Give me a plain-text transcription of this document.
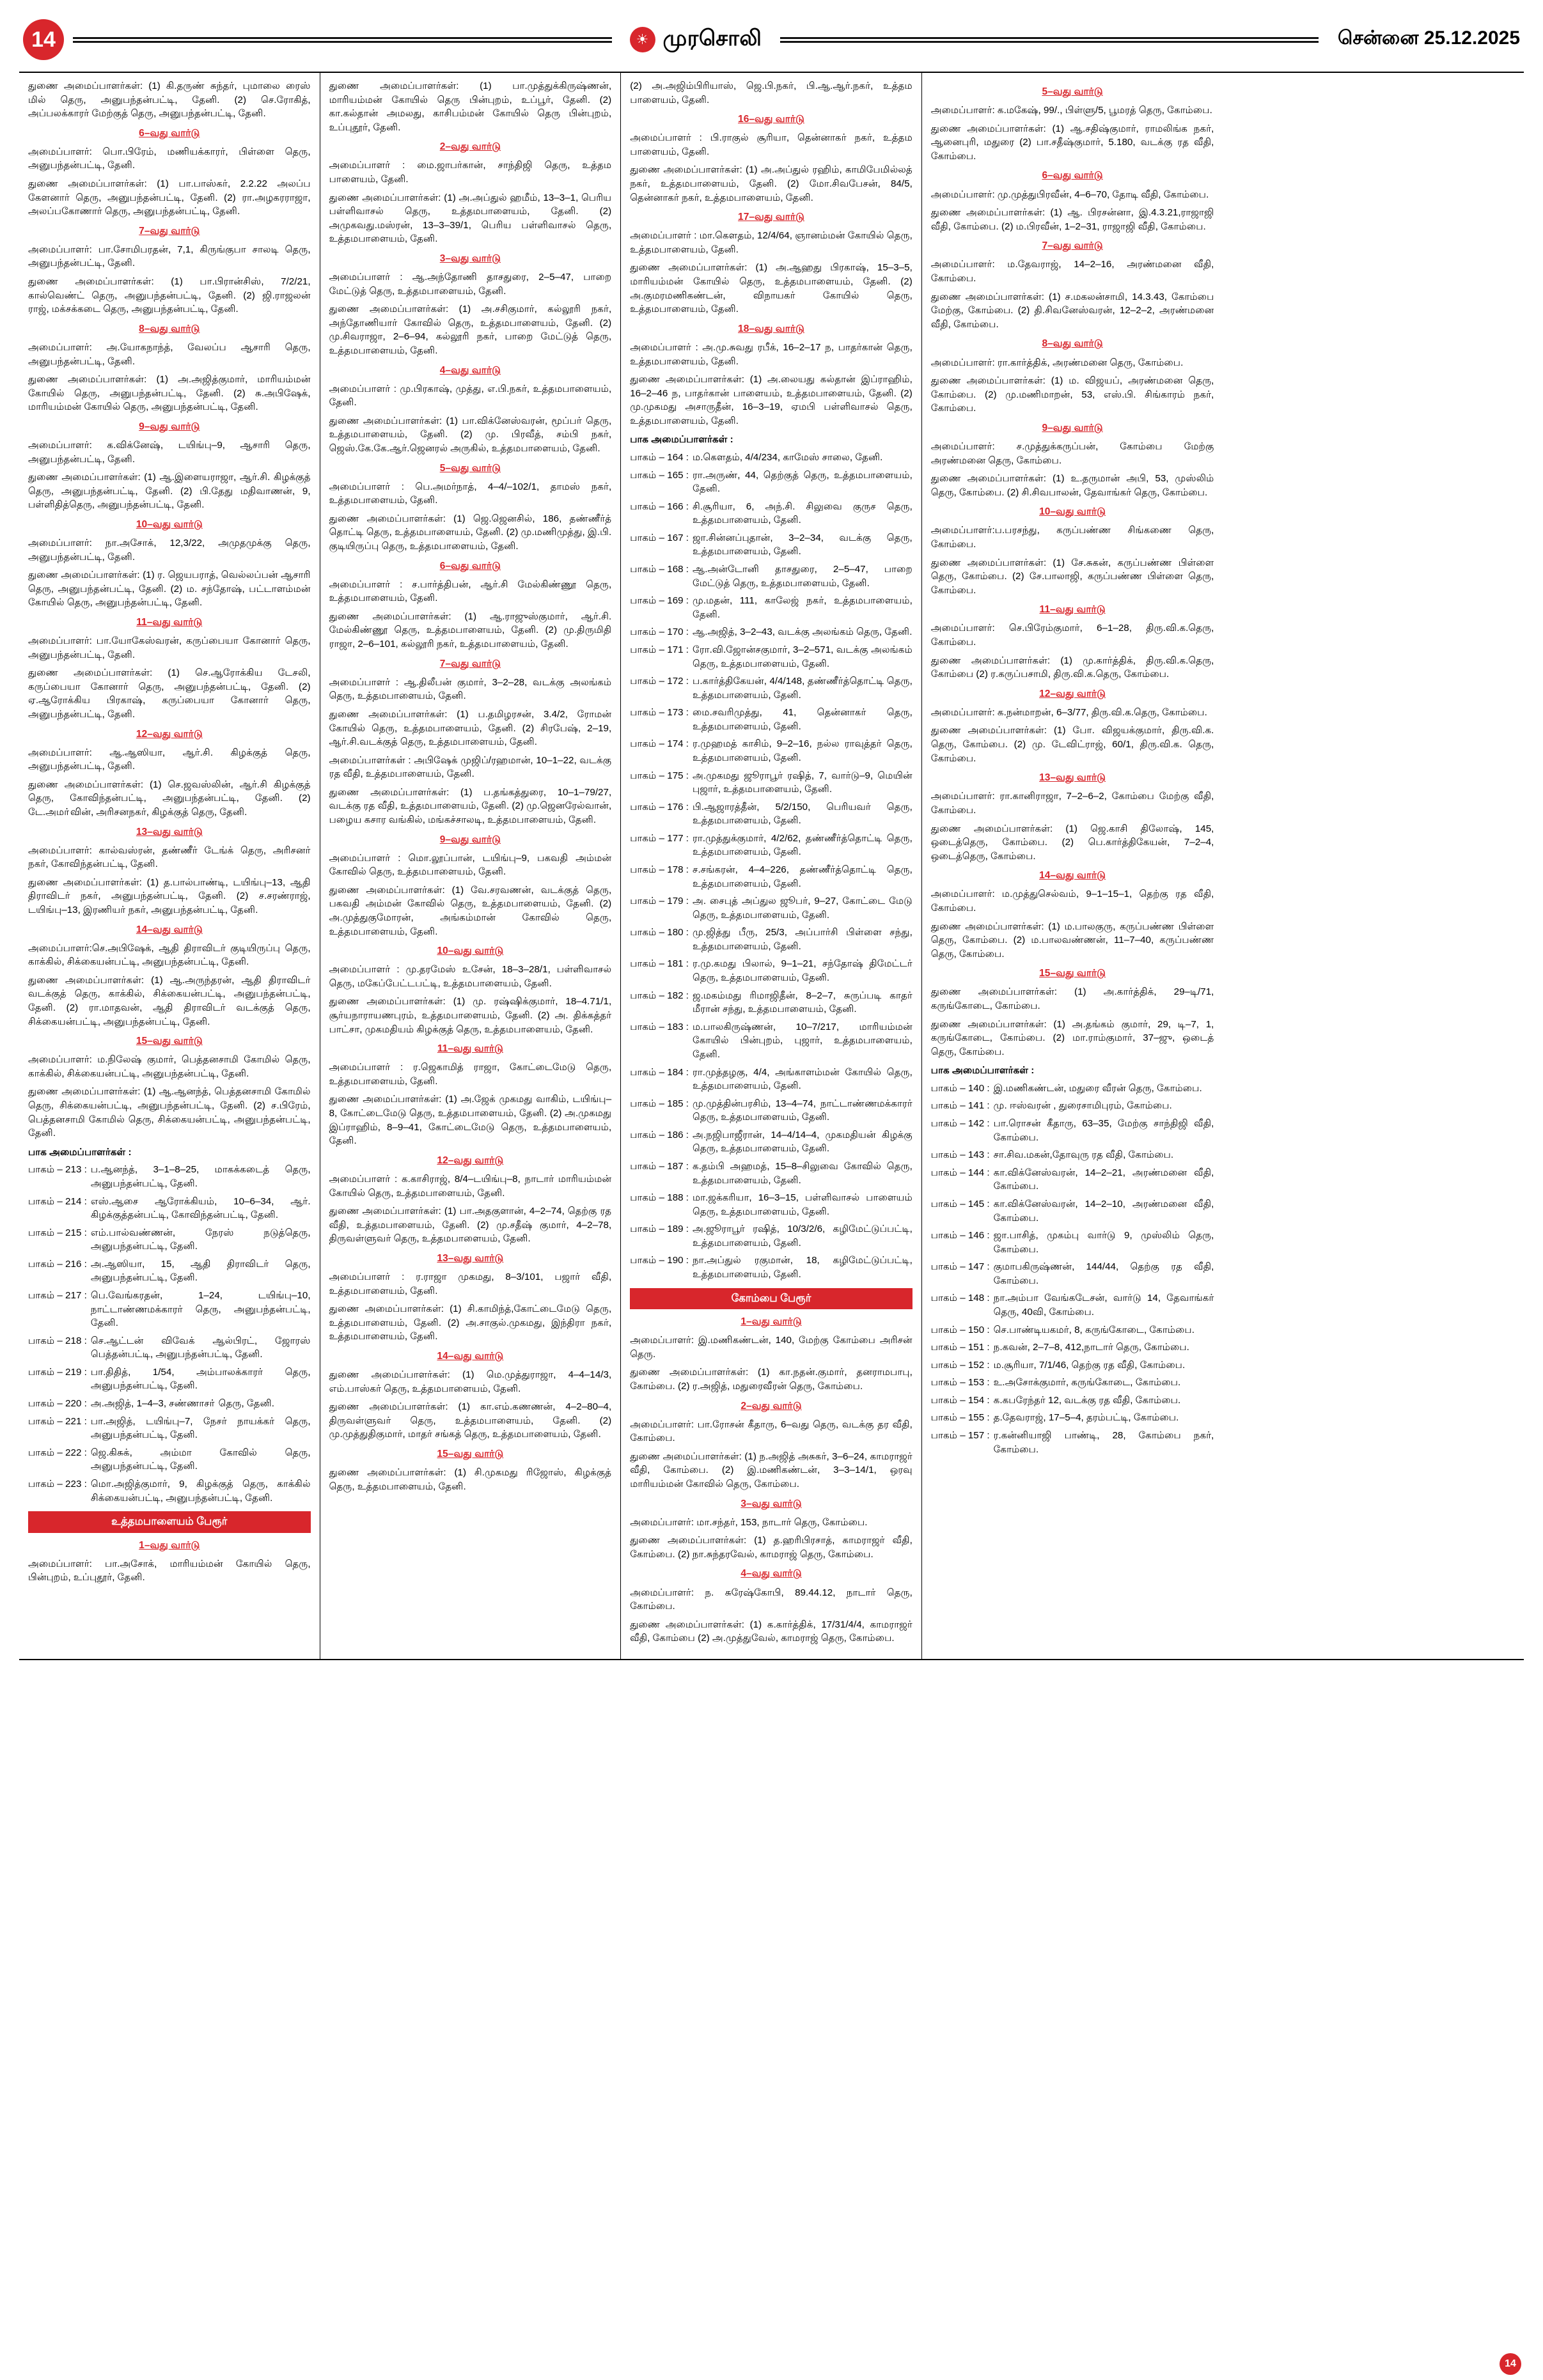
14	☀ முரசொலி	சென்னை 25.12.2025

துணை அமைப்பாளர்கள்: (1) கி.தருண் சுந்தர், புமாலை ரைஸ் மில் தெரு, அனுபந்தன்பட்டி, தேனி. (2) செ.ரோகித், அப்பலக்காரர் மேற்குத் தெரு, அனுபந்தன்பட்டி, தேனி.

6–வது வார்டு

அமைப்பாளர்: பொ.பிரேம், மணியக்காரர், பிள்ளை தெரு, அனுபந்தன்பட்டி, தேனி.

துணை அமைப்பாளர்கள்: (1) பா.பாஸ்கர், 2.2.22 அலப்ப கேளனார் தெரு, அனுபந்தன்பட்டி, தேனி. (2) ரா.அழகரராஜா, அலப்பகோணார் தெரு, அனுபந்தன்பட்டி, தேனி.

7–வது வார்டு

அமைப்பாளர்: பா.சோமிபரதன், 7,1, கிருங்குபா சாலடி தெரு, அனுபந்தன்பட்டி, தேனி.

துணை அமைப்பாளர்கள்: (1) பா.பிரான்சிஸ், 7/2/21, கால்வெண்ட் தெரு, அனுபந்தன்பட்டி, தேனி. (2) ஜி.ராஜலன் ராஜ், மக்சக்கடை தெரு, அனுபந்தன்பட்டி, தேனி.

8–வது வார்டு

அமைப்பாளர்: அ.யோகநாந்த், வேலப்ப ஆசாரி தெரு, அனுபந்தன்பட்டி, தேனி.

துணை அமைப்பாளர்கள்: (1) அ.அஜித்குமார், மாரியம்மன் கோயில் தெரு, அனுபந்தன்பட்டி, தேனி. (2) சு.அபிஷேக், மாரியம்மன் கோயில் தெரு, அனுபந்தன்பட்டி, தேனி.

9–வது வார்டு

அமைப்பாளர்: க.விக்னேஷ், டயிங்பு–9, ஆசாரி தெரு, அனுபந்தன்பட்டி, தேனி.

துணை அமைப்பாளர்கள்: (1) ஆ.இளையராஜா, ஆர்.சி. கிழக்குத் தெரு, அனுபந்தன்பட்டி, தேனி. (2) பி.தேது மதிவாணன், 9, பள்ளிதித்தெரு, அனுபந்தன்பட்டி, தேனி.

10–வது வார்டு

அமைப்பாளர்: நா.அசோக், 12,3/22, அமுதமுக்கு தெரு, அனுபந்தன்பட்டி, தேனி.

துணை அமைப்பாளர்கள்: (1) ர. ஜெயபராத், வெல்லப்பன் ஆசாரி தெரு, அனுபந்தன்பட்டி, தேனி. (2) ம. சந்தோஷ், பட்டாளம்மன் கோயில் தெரு, அனுபந்தன்பட்டி, தேனி.

11–வது வார்டு

அமைப்பாளர்: பா.யோகேஸ்வரன், கருப்பையா கோனார் தெரு, அனுபந்தன்பட்டி, தேனி.

துணை அமைப்பாளர்கள்: (1) செ.ஆரோக்கிய டேசலி, கருப்பையா கோனார் தெரு, அனுபந்தன்பட்டி, தேனி. (2) ஏ.ஆரோக்கிய பிரகாஷ், கருப்பையா கோனார் தெரு, அனுபந்தன்பட்டி, தேனி.

12–வது வார்டு

அமைப்பாளர்: ஆ.ஆஸியா, ஆர்.சி. கிழக்குத் தெரு, அனுபந்தன்பட்டி, தேனி.

துணை அமைப்பாளர்கள்: (1) செ.ஜவஸ்லின், ஆர்.சி கிழக்குத் தெரு, கோவிந்தன்பட்டி, அனுபந்தன்பட்டி, தேனி. (2) டே.அமா்வின், அரிசனநகர், கிழக்குத் தெரு, தேனி.

13–வது வார்டு

அமைப்பாளர்: கால்வஸ்ரன், தண்ணீர் டேங்க் தெரு, அரிசனர் நகர், கோவிந்தன்பட்டி, தேனி.

துணை அமைப்பாளர்கள்: (1) த.பால்பாண்டி, டயிங்பு–13, ஆதி திராவிடர் நகர், அனுபந்தன்பட்டி, தேனி. (2) ச.சரண்ராஜ், டயிங்பு–13, இரணியர் நகர், அனுபந்தன்பட்டி, தேனி.

14–வது வார்டு

அமைப்பாளர்:செ.அபிஷேக், ஆதி திராவிடர் குடியிருப்பு தெரு, காக்கில், சிக்கையன்பட்டி, அனுபந்தன்பட்டி, தேனி.

துணை அமைப்பாளர்கள்: (1) ஆ.அருந்தரன், ஆதி திராவிடர் வடக்குத் தெரு, காக்கில், சிக்கையன்பட்டி, அனுபந்தன்பட்டி, தேனி. (2) ரா.மாதவன், ஆதி திராவிடர் வடக்குத் தெரு, சிக்கையன்பட்டி, அனுபந்தன்பட்டி, தேனி.

15–வது வார்டு

அமைப்பாளர்: ம.நிலேஷ் குமார், பெத்தனசாமி கோமில் தெரு, காக்கில், சிக்கையன்பட்டி, அனுபந்தன்பட்டி, தேனி.

துணை அமைப்பாளர்கள்: (1) ஆ.ஆனந்த், பெத்தனசாமி கோமில் தெரு, சிக்கையன்பட்டி, அனுபந்தன்பட்டி, தேனி. (2) ச.பிரேம், பெத்தனசாமி கோமில் தெரு, சிக்கையன்பட்டி, அனுபந்தன்பட்டி, தேனி.

பாக அமைப்பாளர்கள் :
பாகம் – 213 : ப.ஆனந்த், 3–1–8–25, மாகக்கடைத் தெரு, அனுபந்தன்பட்டி, தேனி.
பாகம் – 214 : எஸ்.ஆசை ஆரோக்கியம், 10–6–34, ஆர். கிழக்குத்தன்பட்டி, கோவிந்தன்பட்டி, தேனி.
பாகம் – 215 : எம்.பால்வண்ணன், நேரஸ் நடுத்தெரு, அனுபந்தன்பட்டி, தேனி.
பாகம் – 216 : அ.ஆஸியா, 15, ஆதி திராவிடர் தெரு, அனுபந்தன்பட்டி, தேனி.
பாகம் – 217 : பெ.வேங்கரதன், 1–24, டயிங்பு–10, நாட்டாண்ணமக்காரர் தெரு, அனுபந்தன்பட்டி, தேனி.
பாகம் – 218 : செ.ஆட்டன் விவேக் ஆல்பிரட், ஜோரஸ் பெத்தன்பட்டி, அனுபந்தன்பட்டி, தேனி.
பாகம் – 219 : பா.திதித், 1/54, அம்பாலக்காரர் தெரு, அனுபந்தன்பட்டி, தேனி.
பாகம் – 220 : அ.அஜித், 1–4–3, சண்ணாசா் தெரு, தேனி.
பாகம் – 221 : பா.அஜித், டயிங்பு–7, நேசர் நாயக்கர் தெரு, அனுபந்தன்பட்டி, தேனி.
பாகம் – 222 : ஜெ.கிசுக், அம்மா கோவில் தெரு, அனுபந்தன்பட்டி, தேனி.
பாகம் – 223 : மொ.அஜித்குமார், 9, கிழக்குத் தெரு, காக்கில் சிக்கையன்பட்டி, அனுபந்தன்பட்டி, தேனி.
உத்தமபாளையம் பேரூர்
1–வது வார்டு

அமைப்பாளர்: பா.அசோக், மாரியம்மன் கோயில் தெரு, பின்புறம், உப்புதூர், தேனி.

துணை அமைப்பாளர்கள்: (1) பா.முத்துக்கிருஷ்ணன், மாரியம்மன் கோயில் தெரு பின்புறம், உப்பூர், தேனி. (2) கா.கல்தான் அமலது, காசிபம்மன் கோயில் தெரு பின்புறம், உப்புதூர், தேனி.

2–வது வார்டு

அமைப்பாளர் : மை.ஜாபர்கான், சாந்திஜி தெரு, உத்தம பாளையம், தேனி.

துணை அமைப்பாளர்கள்: (1) அ.அப்துல் ஹமீம், 13–3–1, பெரிய பள்ளிவாசல் தெரு, உத்தமபாளையம், தேனி. (2) அமுகவது.மஸ்ரன், 13–3–39/1, பெரிய பள்ளிவாசல் தெரு, உத்தமபாளையம், தேனி.

3–வது வார்டு

அமைப்பாளர் : ஆ.அந்தோணி தாசதுரை, 2–5–47, பாறை மேட்டுத் தெரு, உத்தமபாளையம், தேனி.

துணை அமைப்பாளர்கள்: (1) அ.சசிகுமார், கல்லூரி நகர், அந்தோணியார் கோவில் தெரு, உத்தமபாளையம், தேனி. (2) மு.சிவராஜா, 2–6–94, கல்லூரி நகர், பாறை மேட்டுத் தெரு, உத்தமபாளையம், தேனி.

4–வது வார்டு

அமைப்பாளர் : மு.பிரகாஷ், முத்து, எ.பி.நகர், உத்தமபாளையம், தேனி.

துணை அமைப்பாளர்கள்: (1) பா.விக்னேஸ்வரன், மூப்பர் தெரு, உத்தமபாளையம், தேனி. (2) மு. பிரவீத், சம்பி நகர், ஜெஸ்.கே.கே.ஆர்.ஜெனரல் அருகில், உத்தமபாளையம், தேனி.

5–வது வார்டு

அமைப்பாளர் : பெ.அமர்நாத், 4–4/–102/1, தாமஸ் நகர், உத்தமபாளையம், தேனி.

துணை அமைப்பாளர்கள்: (1) ஜெ.ஜெனசில், 186, தண்ணீர்த் தொட்டி தெரு, உத்தமபாளையம், தேனி. (2) மு.மணிமுத்து, இ.பி. குடியிருப்பு தெரு, உத்தமபாளையம், தேனி.

6–வது வார்டு

அமைப்பாளர் : ச.பார்த்திபன், ஆர்.சி மேல்கிண்ணூ தெரு, உத்தமபாளையம், தேனி.

துணை அமைப்பாளர்கள்: (1) ஆ.ராஜுஸ்குமார், ஆர்.சி. மேல்கிண்ணூ தெரு, உத்தமபாளையம், தேனி. (2) மு.திருமிதி ராஜா, 2–6–101, கல்லூரி நகர், உத்தமபாளையம், தேனி.

7–வது வார்டு

அமைப்பாளர் : ஆ.திலீபன் குமார், 3–2–28, வடக்கு அலங்கம் தெரு, உத்தமபாளையம், தேனி.

துணை அமைப்பாளர்கள்: (1) ப.தமிழரசன், 3.4/2, ரோமன் கோயில் தெரு, உத்தமபாளையம், தேனி. (2) சிரபேஷ், 2–19, ஆர்.சி.வடக்குத் தெரு, உத்தமபாளையம், தேனி.

அமைப்பாளர்கள் : அபிஷேக் முஜிப்/ரஹமான், 10–1–22, வடக்கு ரத வீதி, உத்தமபாளையம், தேனி.

துணை அமைப்பாளர்கள்: (1) ப.தங்கத்துரை, 10–1–79/27, வடக்கு ரத வீதி, உத்தமபாளையம், தேனி. (2) மு.ஜெனரேல்வான், பழைய கசார வங்கில், மங்கச்சாலடி, உத்தமபாளையம், தேனி.

9–வது வார்டு

அமைப்பாளர் : மொ.லூப்பான், டயிங்பு–9, பகவதி அம்மன் கோவில் தெரு, உத்தமபாளையம், தேனி.

துணை அமைப்பாளர்கள்: (1) வே.சரவணன், வடக்குத் தெரு, பகவதி அம்மன் கோவில் தெரு, உத்தமபாளையம், தேனி. (2) அ.முத்துகுமோரன், அங்கம்மான் கோவில் தெரு, உத்தமபாளையம், தேனி.

10–வது வார்டு

அமைப்பாளர் : மு.தரமேஸ் உசேன், 18–3–28/1, பள்ளிவாசல் தெரு, மகேப்பேட்டபட்டி, உத்தமபாளையம், தேனி.

துணை அமைப்பாளர்கள்: (1) மு. ரஷ்ஷிக்குமார், 18–4.71/1, சூர்யநாராயணபுரம், உத்தமபாளையம், தேனி. (2) அ. திக்கத்தர் பாட்சா, முகமதியம் கிழக்குத் தெரு, உத்தமபாளையம், தேனி.

11–வது வார்டு

அமைப்பாளர் : ர.ஜெகாமித் ராஜா, கோட்டைமேடு தெரு, உத்தமபாளையம், தேனி.

துணை அமைப்பாளர்கள்: (1) அ.ஜேக் முகமது வாகிம், டயிங்பு–8, கோட்டைமேடு தெரு, உத்தமபாளையம், தேனி. (2) அ.முகமது இப்ராஹிம், 8–9–41, கோட்டைமேடு தெரு, உத்தமபாளையம், தேனி.

12–வது வார்டு

அமைப்பாளர் : க.காசிராஜ், 8/4–டயிங்பு–8, நாடார் மாரியம்மன் கோயில் தெரு, உத்தமபாளையம், தேனி.

துணை அமைப்பாளர்கள்: (1) பா.அதகுளான், 4–2–74, தெற்கு ரத வீதி, உத்தமபாளையம், தேனி. (2) மு.சதீஷ் குமார், 4–2–78, திருவள்ளுவர் தெரு, உத்தமபாளையம், தேனி.

13–வது வார்டு

அமைப்பாளர் : ர.ராஜா முகமது, 8–3/101, பஜார் வீதி, உத்தமபாளையம், தேனி.

துணை அமைப்பாளர்கள்: (1) சி.காமிந்த்,கோட்டைமேடு தெரு, உத்தமபாளையம், தேனி. (2) அ.சாகுல்.முகமது, இந்திரா நகர், உத்தமபாளையம், தேனி.

14–வது வார்டு

துணை அமைப்பாளர்கள்: (1) மெ.முத்துராஜா, 4–4–14/3, எம்.பாஸ்கர் தெரு, உத்தமபாளையம், தேனி.

துணை அமைப்பாளர்கள்: (1) கா.எம்.கணணன், 4–2–80–4, திருவள்ளுவர் தெரு, உத்தமபாளையம், தேனி. (2) மு.முத்துதிகுமார், மாதர் சங்கத் தெரு, உத்தமபாளையம், தேனி.

15–வது வார்டு

துணை அமைப்பாளர்கள்: (1) சி.முகமது ரிஜோஸ், கிழக்குத் தெரு, உத்தமபாளையம், தேனி.

(2) அ.அஜிம்பிரியாஸ், ஜெ.பி.நகர், பி.ஆ.ஆர்.நகர், உத்தம பாளையம், தேனி.

16–வது வார்டு

அமைப்பாளர் : பி.ராகுல் சூரியா, தென்னாகர் நகர், உத்தம பாளையம், தேனி.

துணை அமைப்பாளர்கள்: (1) அ.அப்துல் ரஹிம், காமிபேமில்லத் நகர், உத்தமபாளையம், தேனி. (2) மோ.சிவபேசன், 84/5, தென்னாகர் நகர், உத்தமபாளையம், தேனி.

17–வது வார்டு

அமைப்பாளர் : மா.கௌதம், 12/4/64, ஞானம்மன் கோயில் தெரு, உத்தமபாளையம், தேனி.

துணை அமைப்பாளர்கள்: (1) அ.ஆஹது பிரகாஷ், 15–3–5, மாரியம்மன் கோயில் தெரு, உத்தமபாளையம், தேனி. (2) அ.குமரமணிகண்டன், விநாயகர் கோயில் தெரு, உத்தமபாளையம், தேனி.

18–வது வார்டு

அமைப்பாளர் : அ.மு.சுவது ரபீக், 16–2–17 ந, பாதர்கான் தெரு, உத்தமபாளையம், தேனி.

துணை அமைப்பாளர்கள்: (1) அ.லையது கல்தான் இப்ராஹிம், 16–2–46 ந, பாதர்கான் பாளையம், உத்தமபாளையம், தேனி. (2) மு.முகமது அசாருதீன், 16–3–19, ஏமபி பள்ளிவாசல் தெரு, உத்தமபாளையம், தேனி.

பாக அமைப்பாளர்கள் :
பாகம் – 164 : ம.கௌதம், 4/4/234, காமேஸ் சாலை, தேனி.
பாகம் – 165 : ரா.அருண், 44, தெற்குத் தெரு, உத்தமபாளையம், தேனி.
பாகம் – 166 : சி.சூரியா, 6, அந்.சி. சிலுவை குருச தெரு, உத்தமபாளையம், தேனி.
பாகம் – 167 : ஜா.சின்னப்புதான், 3–2–34, வடக்கு தெரு, உத்தமபாளையம், தேனி.
பாகம் – 168 : ஆ.அன்டோனி தாசதுரை, 2–5–47, பாறை மேட்டுத் தெரு, உத்தமபாளையம், தேனி.
பாகம் – 169 : மு.மதன், 111, காலேஜ் நகர், உத்தமபாளையம், தேனி.
பாகம் – 170 : ஆ.அஜித், 3–2–43, வடக்கு அலங்கம் தெரு, தேனி.
பாகம் – 171 : ரோ.வி.ஜோன்சகுமார், 3–2–571, வடக்கு அலங்கம் தெரு, உத்தமபாளையம், தேனி.
பாகம் – 172 : ப.கார்த்திகேயன், 4/4/148, தண்ணீர்த்தொட்டி தெரு, உத்தமபாளையம், தேனி.
பாகம் – 173 : மை.சவரிமுத்து, 41, தென்னாகர் தெரு, உத்தமபாளையம், தேனி.
பாகம் – 174 : ர.முஹமத் காசிம், 9–2–16, நல்ல ராவுத்தர் தெரு, உத்தமபாளையம், தேனி.
பாகம் – 175 : அ.முகமது ஜூராபூர் ரஷித், 7, வார்டு–9, மெயின் புஜார், உத்தமபாளையம், தேனி.
பாகம் – 176 : பி.ஆஜாரத்தீன், 5/2/150, பெரியவர் தெரு, உத்தமபாளையம், தேனி.
பாகம் – 177 : ரா.முத்துக்குமார், 4/2/62, தண்ணீர்த்தொட்டி தெரு, உத்தமபாளையம், தேனி.
பாகம் – 178 : ச.சங்கரன், 4–4–226, தண்ணீர்த்தொட்டி தெரு, உத்தமபாளையம், தேனி.
பாகம் – 179 : அ. சைபுத் அப்துல ஜூபர், 9–27, கோட்டை மேடு தெரு, உத்தமபாளையம், தேனி.
பாகம் – 180 : மு.ஜித்து பீரு, 25/3, அப்பார்சி பிள்ளை சந்து, உத்தமபாளையம், தேனி.
பாகம் – 181 : ர.மு.கமது பிலால், 9–1–21, சந்தோஷ் திமேட்டர் தெரு, உத்தமபாளையம், தேனி.
பாகம் – 182 : ஜ.மகம்மது ரிமாஜிதீன், 8–2–7, சுருப்படி காதர் மீரான் சந்து, உத்தமபாளையம், தேனி.
பாகம் – 183 : ம.பாலகிருஷ்ணன், 10–7/217, மாரியம்மன் கோயில் பின்புறம், புஜார், உத்தமபாளையம், தேனி.
பாகம் – 184 : ரா.முத்தழகு, 4/4, அங்காளம்மன் கோயில் தெரு, உத்தமபாளையம், தேனி.
பாகம் – 185 : மு.முத்தின்பரசிம், 13–4–74, நாட்டாண்ணமக்காரர் தெரு, உத்தமபாளையம், தேனி.
பாகம் – 186 : அ.நஜிபாஜீரான், 14–4/14–4, முகமதியன் கிழக்கு தெரு, உத்தமபாளையம், தேனி.
பாகம் – 187 : க.தம்பி அஹமத், 15–8–சிலுவை கோவில் தெரு, உத்தமபாளையம், தேனி.
பாகம் – 188 : மா.ஜக்கரியா, 16–3–15, பள்ளிவாசல் பாளையம் தெரு, உத்தமபாளையம், தேனி.
பாகம் – 189 : அ.ஜூராபூர் ரஷித், 10/3/2/6, கழிமேட்டுப்பட்டி, உத்தமபாளையம், தேனி.
பாகம் – 190 : நா.அப்துல் ரகுமான், 18, கழிமேட்டுப்பட்டி, உத்தமபாளையம், தேனி.
கோம்பை பேரூர்
1–வது வார்டு

அமைப்பாளர்: இ.மணிகண்டன், 140, மேற்கு கோம்பை அரிசன் தெரு.

துணை அமைப்பாளர்கள்: (1) கா.நதன்.குமார், தனராமபாபு, கோம்பை. (2) ர.அஜித், மதுரைவீரன் தெரு, கோம்பை.

2–வது வார்டு

அமைப்பாளர்: பா.ரோசன் கீதாரு, 6–வது தெரு, வடக்கு தர வீதி, கோம்பை.

துணை அமைப்பாளர்கள்: (1) ந.அஜித் அசுகர், 3–6–24, காமராஜர் வீதி, கோம்பை. (2) இ.மணிகண்டன், 3–3–14/1, ஒரவு மாரியம்மன் கோவில் தெரு, கோம்பை.

3–வது வார்டு

அமைப்பாளர்: மா.சந்தர், 153, நாடார் தெரு, கோம்பை.

துணை அமைப்பாளர்கள்: (1) த.ஹரிபிரசாத், காமராஜர் வீதி, கோம்பை. (2) நா.சுந்தரவேல், காமராஜ் தெரு, கோம்பை.

4–வது வார்டு

அமைப்பாளர்: ந. சுரேஷ்கோபி, 89.44.12, நாடார் தெரு, கோம்பை.

துணை அமைப்பாளர்கள்: (1) க.கார்த்திக், 17/31/4/4, காமராஜர் வீதி, கோம்பை (2) அ.முத்துவேல், காமராஜ் தெரு, கோம்பை.

5–வது வார்டு

அமைப்பாளர்: க.மகேஷ், 99/., பிள்ளு/5, பூமரத் தெரு, கோம்பை.

துணை அமைப்பாளர்கள்: (1) ஆ.சதிஷ்குமார், ராமலிங்க நகர், ஆனைபுரி, மதுரை (2) பா.சதீஷ்குமார், 5.180, வடக்கு ரத வீதி, கோம்பை.

6–வது வார்டு

அமைப்பாளர்: மு.முத்துபிரவீன், 4–6–70, தோடி வீதி, கோம்பை.

துணை அமைப்பாளர்கள்: (1) ஆ. பிரசன்னா, இ.4.3.21,ராஜாஜி வீதி, கோம்பை. (2) ம.பிரவீன், 1–2–31, ராஜாஜி வீதி, கோம்பை.

7–வது வார்டு

அமைப்பாளர்: ம.தேவராஜ், 14–2–16, அரண்மனை வீதி, கோம்பை.

துணை அமைப்பாளர்கள்: (1) ச.மகலன்சாமி, 14.3.43, கோம்பை மேற்கு, கோம்பை. (2) தி.சிவனேஸ்வரன், 12–2–2, அரண்மனை வீதி, கோம்பை.

8–வது வார்டு

அமைப்பாளர்: ரா.கார்த்திக், அரண்மனை தெரு, கோம்பை.

துணை அமைப்பாளர்கள்: (1) ம. விஜயப், அரண்மனை தெரு, கோம்பை. (2) மு.மணிமாறன், 53, எஸ்.பி. சிங்காரம் நகர், கோம்பை.

9–வது வார்டு

அமைப்பாளர்: ச.முத்துக்கருப்பன், கோம்பை மேற்கு அரண்மனை தெரு, கோம்பை.

துணை அமைப்பாளர்கள்: (1) உ.தருமான் அபி, 53, முஸ்லிம் தெரு, கோம்பை. (2) சி.சிவபாலன், தேவாங்கர் தெரு, கோம்பை.

10–வது வார்டு

அமைப்பாளர்:ப.பரசந்து, கருப்பண்ண சிங்கணை தெரு, கோம்பை.

துணை அமைப்பாளர்கள்: (1) சே.சுகன், கருப்பண்ண பிள்ளை தெரு, கோம்பை. (2) சே.பாலாஜி, கருப்பண்ண பிள்ளை தெரு, கோம்பை.

11–வது வார்டு

அமைப்பாளர்: செ.பிரேம்குமார், 6–1–28, திரு.வி.க.தெரு, கோம்பை.

துணை அமைப்பாளர்கள்: (1) மு.கார்த்திக், திரு.வி.க.தெரு, கோம்பை (2) ர.கருப்பசாமி, திரு.வி.க.தெரு, கோம்பை.

12–வது வார்டு

அமைப்பாளர்: க.நன்மாறன், 6–3/77, திரு.வி.க.தெரு, கோம்பை.

துணை அமைப்பாளர்கள்: (1) போ. விஜயக்குமார், திரு.வி.க. தெரு, கோம்பை. (2) மு. டேவிட்ராஜ், 60/1, திரு.வி.க. தெரு, கோம்பை.

13–வது வார்டு

அமைப்பாளர்: ரா.கானிராஜா, 7–2–6–2, கோம்பை மேற்கு வீதி, கோம்பை.

துணை அமைப்பாளர்கள்: (1) ஜெ.காசி திலோஷ், 145, ஒடைத்தெரு, கோம்பை. (2) பெ.கார்த்திகேயன், 7–2–4, ஒடைத்தெரு, கோம்பை.

14–வது வார்டு

அமைப்பாளர்: ம.முத்துசெல்வம், 9–1–15–1, தெற்கு ரத வீதி, கோம்பை.

துணை அமைப்பாளர்கள்: (1) ம.பாலகுரு, கருப்பண்ண பிள்ளை தெரு, கோம்பை. (2) ம.பாலவண்ணன், 11–7–40, கருப்பண்ண தெரு, கோம்பை.

15–வது வார்டு

துணை அமைப்பாளர்கள்: (1) அ.கார்த்திக், 29–டி/71, கருங்கோடை, கோம்பை.

துணை அமைப்பாளர்கள்: (1) அ.தங்கம் குமார், 29, டி–7, 1, கருங்கோடை, கோம்பை. (2) மா.ராம்குமார், 37–ஜு, ஒடைத் தெரு, கோம்பை.

பாக அமைப்பாளர்கள் :
பாகம் – 140 : இ.மணிகண்டன், மதுரை வீரன் தெரு, கோம்பை.
பாகம் – 141 : மு. ஈஸ்வரன் , துரைசாமிபுரம், கோம்பை.
பாகம் – 142 : பா.ரொசன் கீதாரு, 63–35, மேற்கு சாந்திஜி வீதி, கோம்பை.
பாகம் – 143 : சா.சிவ.மகன்,தோவுரு ரத வீதி, கோம்பை.
பாகம் – 144 : கா.விக்னேஸ்வரன், 14–2–21, அரண்மனை வீதி, கோம்பை.
பாகம் – 145 : கா.விக்னேஸ்வரன், 14–2–10, அரண்மனை வீதி, கோம்பை.
பாகம் – 146 : ஜா.பாசித், முகம்பு வார்டு 9, முஸ்லிம் தெரு, கோம்பை.
பாகம் – 147 : குமாபகிருஷ்ணன், 144/44, தெற்கு ரத வீதி, கோம்பை.
பாகம் – 148 : நா.அம்பா வேங்கடேசன், வார்டு 14, தேவாங்கர் தெரு, 40வி, கோம்பை.
பாகம் – 150 : செ.பாண்டியகமர், 8, கருங்கோடை, கோம்பை.
பாகம் – 151 : ந.கவன், 2–7–8, 412,நாடார் தெரு, கோம்பை.
பாகம் – 152 : ம.சூரியா, 7/1/46, தெற்கு ரத வீதி, கோம்பை.
பாகம் – 153 : உ.அசோக்குமார், கருங்கோடை, கோம்பை.
பாகம் – 154 : க.கபரேந்தர் 12, வடக்கு ரத வீதி, கோம்பை.
பாகம் – 155 : த.தேவராஜ், 17–5–4, தரம்பட்டி, கோம்பை.
பாகம் – 157 : ர.கன்னியாஜி பாண்டி, 28, கோம்பை நகர், கோம்பை.
14
